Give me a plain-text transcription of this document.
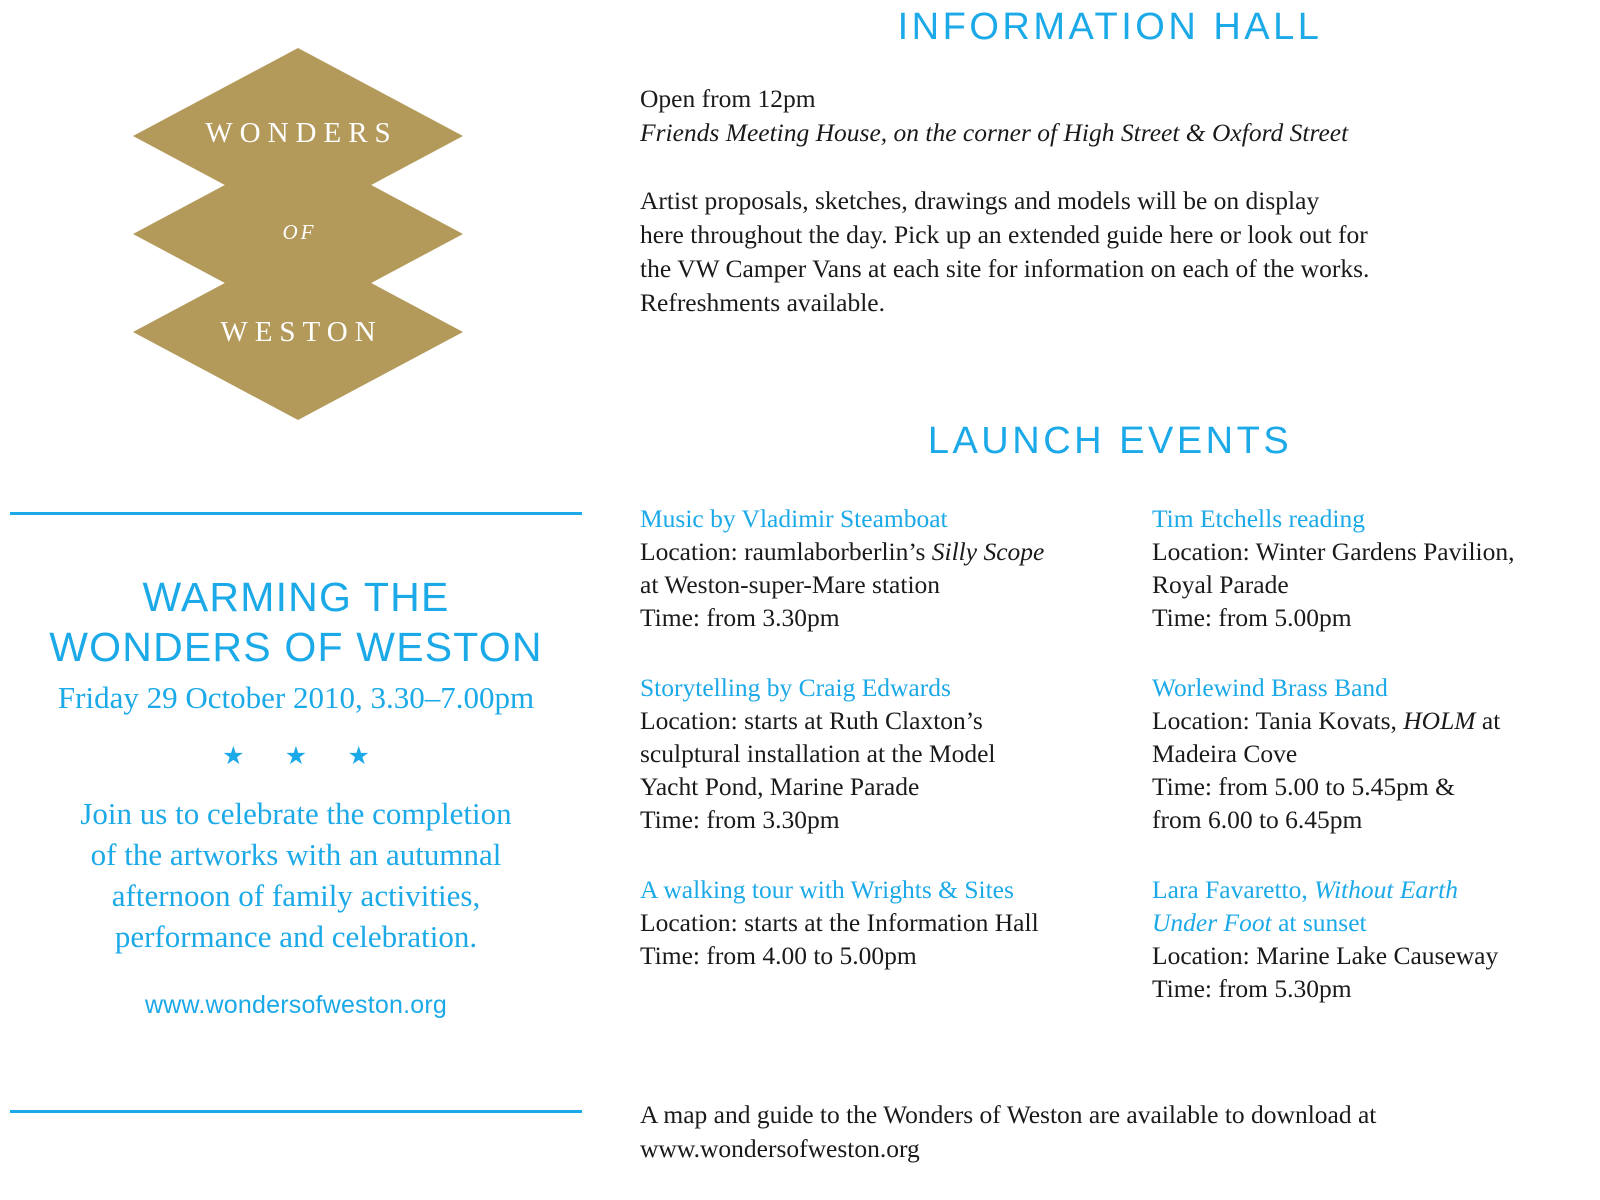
WONDERS
OF
WESTON
WARMING THE
WONDERS OF WESTON
Friday 29 October 2010, 3.30–7.00pm
★ ★ ★
Join us to celebrate the completion
of the artworks with an autumnal
afternoon of family activities,
performance and celebration.
www.wondersofweston.org
INFORMATION HALL
Open from 12pm
Friends Meeting House, on the corner of High Street & Oxford Street
Artist proposals, sketches, drawings and models will be on display
here throughout the day. Pick up an extended guide here or look out for
the VW Camper Vans at each site for information on each of the works.
Refreshments available.
LAUNCH EVENTS
Music by Vladimir Steamboat
Location: raumlaborberlin’s Silly Scope
at Weston-super-Mare station
Time: from 3.30pm
Storytelling by Craig Edwards
Location: starts at Ruth Claxton’s
sculptural installation at the Model
Yacht Pond, Marine Parade
Time: from 3.30pm
A walking tour with Wrights & Sites
Location: starts at the Information Hall
Time: from 4.00 to 5.00pm
Tim Etchells reading
Location: Winter Gardens Pavilion,
Royal Parade
Time: from 5.00pm
Worlewind Brass Band
Location: Tania Kovats, HOLM at
Madeira Cove
Time: from 5.00 to 5.45pm &
from 6.00 to 6.45pm
Lara Favaretto, Without Earth
Under Foot at sunset
Location: Marine Lake Causeway
Time: from 5.30pm
A map and guide to the Wonders of Weston are available to download at
www.wondersofweston.org
